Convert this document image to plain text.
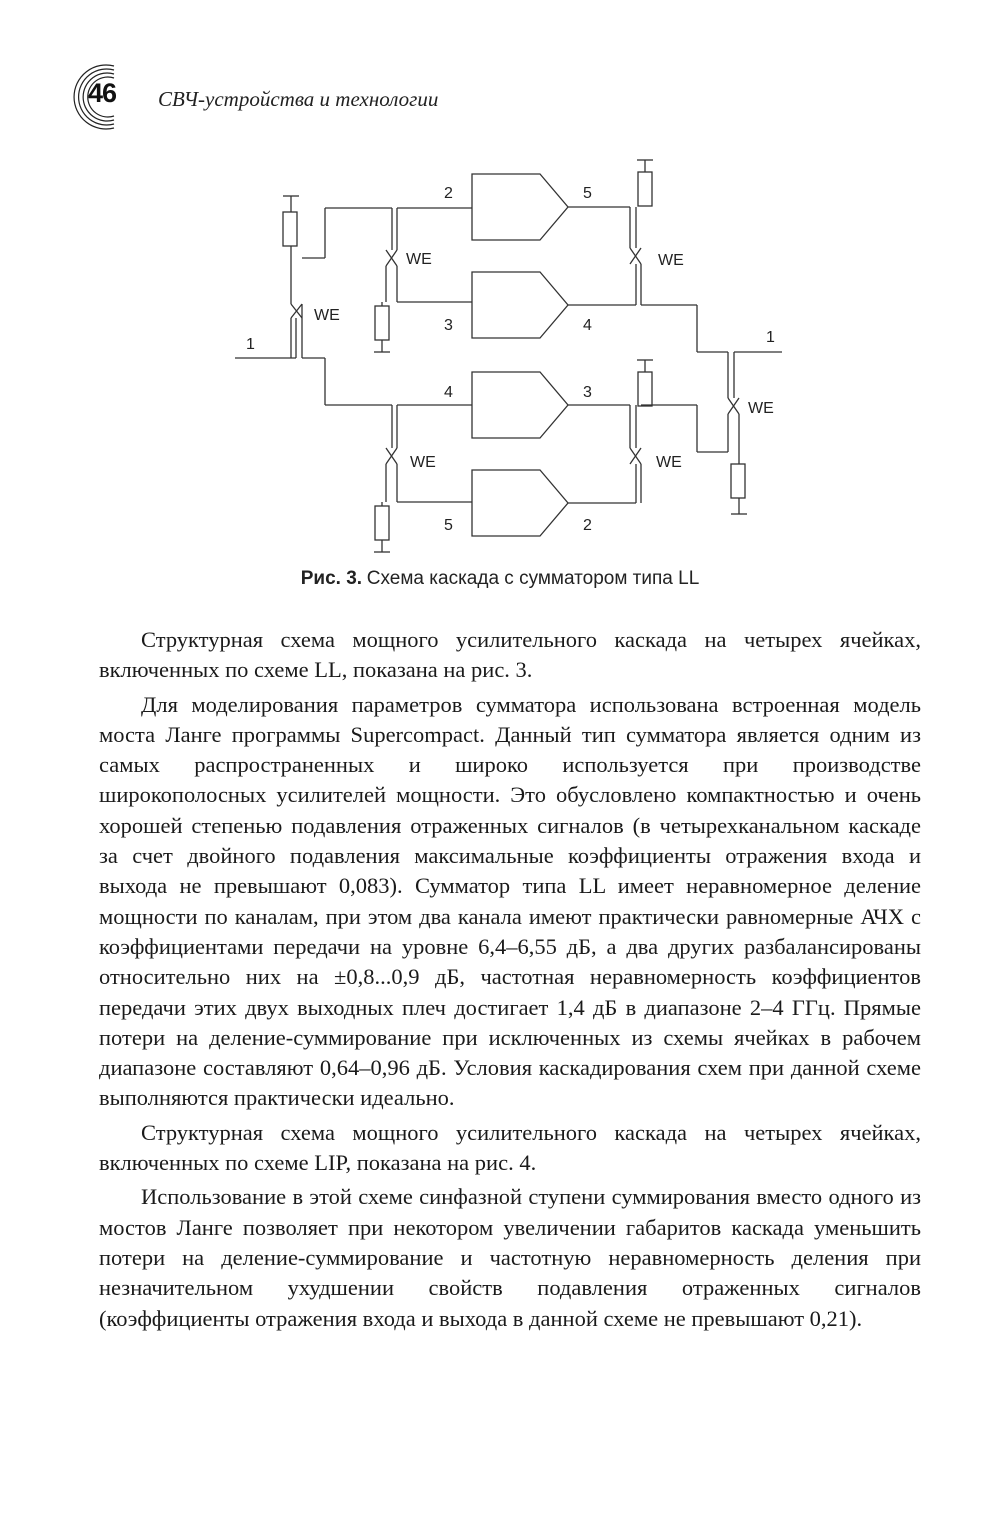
46 СВЧ-устройства и технологии
1
WE
WE
WE
2
3
4
5
5
4
3
2
WE
WE
WE
1
Рис. 3. Схема каскада с сумматором типа LL

Структурная схема мощного усилительного каскада на четырех ячейках, включенных по схеме LL, показана на рис. 3.

Для моделирования параметров сумматора использована встроенная модель моста Ланге программы Supercompact. Данный тип сумматора является одним из самых распространенных и широко используется при производстве широкополосных усилителей мощности. Это обусловлено компактностью и очень хорошей степенью подавления отраженных сигналов (в четырехканальном каскаде за счет двойного подавления максимальные коэффициенты отражения входа и выхода не превышают 0,083). Сумматор типа LL имеет неравномерное деление мощности по каналам, при этом два канала имеют практически равномерные АЧХ с коэффициентами передачи на уровне 6,4–6,55 дБ, а два других разбалансированы относительно них на ±0,8...0,9 дБ, частотная неравномерность коэффициентов передачи этих двух выходных плеч достигает 1,4 дБ в диапазоне 2–4 ГГц. Прямые потери на деление-суммирование при исключенных из схемы ячейках в рабочем диапазоне составляют 0,64–0,96 дБ. Условия каскадирования схем при данной схеме выполняются практически идеально.

Структурная схема мощного усилительного каскада на четырех ячейках, включенных по схеме LIP, показана на рис. 4.

Использование в этой схеме синфазной ступени суммирования вместо одного из мостов Ланге позволяет при некотором увеличении габаритов каскада уменьшить потери на деление-суммирование и частотную неравномерность деления при незначительном ухудшении свойств подавления отраженных сигналов (коэффициенты отражения входа и выхода в данной схеме не превышают 0,21).
